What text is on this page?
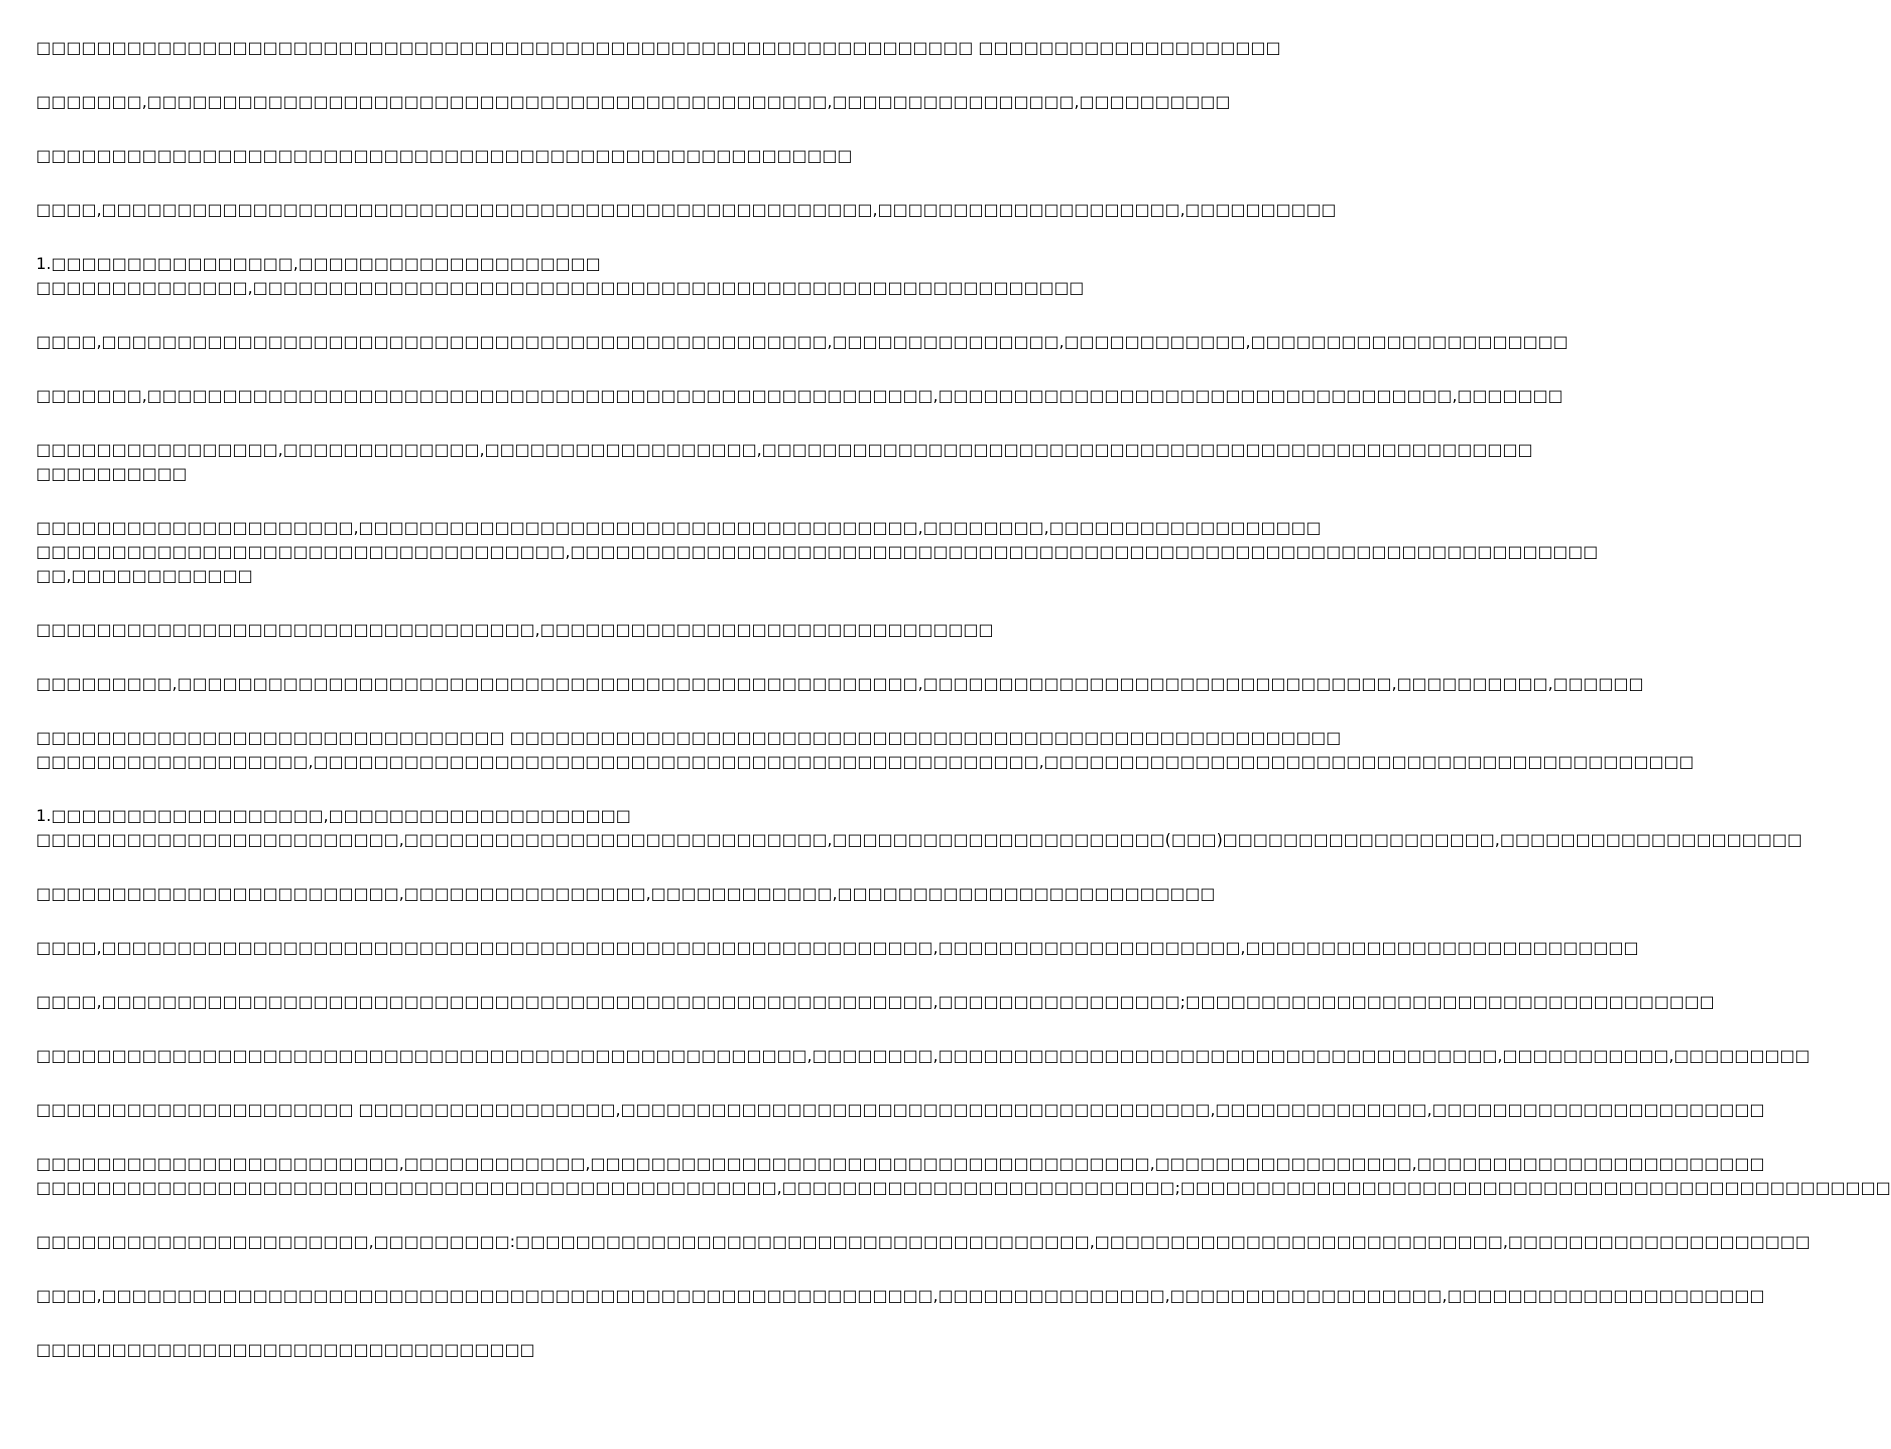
□□□□□□□□□□□□□□□□□□□□□□□□□□□□□□□□□□□□□□□□□□□□□□□□□□□□□□□□□□□□□□ □□□□□□□□□□□□□□□□□□□□
□□□□□□□,□□□□□□□□□□□□□□□□□□□□□□□□□□□□□□□□□□□□□□□□□□□□□,□□□□□□□□□□□□□□□□,□□□□□□□□□□
□□□□□□□□□□□□□□□□□□□□□□□□□□□□□□□□□□□□□□□□□□□□□□□□□□□□□□
□□□□,□□□□□□□□□□□□□□□□□□□□□□□□□□□□□□□□□□□□□□□□□□□□□□□□□□□,□□□□□□□□□□□□□□□□□□□□,□□□□□□□□□□
1.□□□□□□□□□□□□□□□□,□□□□□□□□□□□□□□□□□□□□
□□□□□□□□□□□□□□,□□□□□□□□□□□□□□□□□□□□□□□□□□□□□□□□□□□□□□□□□□□□□□□□□□□□□□□
□□□□,□□□□□□□□□□□□□□□□□□□□□□□□□□□□□□□□□□□□□□□□□□□□□□□□,□□□□□□□□□□□□□□□,□□□□□□□□□□□□,□□□□□□□□□□□□□□□□□□□□□
□□□□□□□,□□□□□□□□□□□□□□□□□□□□□□□□□□□□□□□□□□□□□□□□□□□□□□□□□□□□,□□□□□□□□□□□□□□□□□□□□□□□□□□□□□□□□□□,□□□□□□□
□□□□□□□□□□□□□□□□,□□□□□□□□□□□□□,□□□□□□□□□□□□□□□□□□,□□□□□□□□□□□□□□□□□□□□□□□□□□□□□□□□□□□□□□□□□□□□□□□□□□□
□□□□□□□□□□
□□□□□□□□□□□□□□□□□□□□□,□□□□□□□□□□□□□□□□□□□□□□□□□□□□□□□□□□□□□,□□□□□□□□,□□□□□□□□□□□□□□□□□□
□□□□□□□□□□□□□□□□□□□□□□□□□□□□□□□□□□□,□□□□□□□□□□□□□□□□□□□□□□□□□□□□□□□□□□□□□□□□□□□□□□□□□□□□□□□□□□□□□□□□□□□□
□□,□□□□□□□□□□□□
□□□□□□□□□□□□□□□□□□□□□□□□□□□□□□□□□,□□□□□□□□□□□□□□□□□□□□□□□□□□□□□□
□□□□□□□□□,□□□□□□□□□□□□□□□□□□□□□□□□□□□□□□□□□□□□□□□□□□□□□□□□□,□□□□□□□□□□□□□□□□□□□□□□□□□□□□□□□,□□□□□□□□□□,□□□□□□
□□□□□□□□□□□□□□□□□□□□□□□□□□□□□□□ □□□□□□□□□□□□□□□□□□□□□□□□□□□□□□□□□□□□□□□□□□□□□□□□□□□□□□□
□□□□□□□□□□□□□□□□□□,□□□□□□□□□□□□□□□□□□□□□□□□□□□□□□□□□□□□□□□□□□□□□□□□,□□□□□□□□□□□□□□□□□□□□□□□□□□□□□□□□□□□□□□□□□□□
1.□□□□□□□□□□□□□□□□□□,□□□□□□□□□□□□□□□□□□□□
□□□□□□□□□□□□□□□□□□□□□□□□,□□□□□□□□□□□□□□□□□□□□□□□□□□□□,□□□□□□□□□□□□□□□□□□□□□□(□□□)□□□□□□□□□□□□□□□□□□,□□□□□□□□□□□□□□□□□□□□
□□□□□□□□□□□□□□□□□□□□□□□□,□□□□□□□□□□□□□□□□,□□□□□□□□□□□□,□□□□□□□□□□□□□□□□□□□□□□□□□
□□□□,□□□□□□□□□□□□□□□□□□□□□□□□□□□□□□□□□□□□□□□□□□□□□□□□□□□□□□□,□□□□□□□□□□□□□□□□□□□□,□□□□□□□□□□□□□□□□□□□□□□□□□□
□□□□,□□□□□□□□□□□□□□□□□□□□□□□□□□□□□□□□□□□□□□□□□□□□□□□□□□□□□□□,□□□□□□□□□□□□□□□□;□□□□□□□□□□□□□□□□□□□□□□□□□□□□□□□□□□□
□□□□□□□□□□□□□□□□□□□□□□□□□□□□□□□□□□□□□□□□□□□□□□□□□□□,□□□□□□□□,□□□□□□□□□□□□□□□□□□□□□□□□□□□□□□□□□□□□□,□□□□□□□□□□□,□□□□□□□□□
□□□□□□□□□□□□□□□□□□□□□ □□□□□□□□□□□□□□□□□,□□□□□□□□□□□□□□□□□□□□□□□□□□□□□□□□□□□□□□□,□□□□□□□□□□□□□□,□□□□□□□□□□□□□□□□□□□□□□
□□□□□□□□□□□□□□□□□□□□□□□□,□□□□□□□□□□□□,□□□□□□□□□□□□□□□□□□□□□□□□□□□□□□□□□□□□□,□□□□□□□□□□□□□□□□□,□□□□□□□□□□□□□□□□□□□□□□□
□□□□□□□□□□□□□□□□□□□□□□□□□□□□□□□□□□□□□□□□□□□□□□□□□,□□□□□□□□□□□□□□□□□□□□□□□□□□;□□□□□□□□□□□□□□□□□□□□□□□□□□□□□□□□□□□□□□□□□□□□□□□
□□□□□□□□□□□□□□□□□□□□□□,□□□□□□□□□:□□□□□□□□□□□□□□□□□□□□□□□□□□□□□□□□□□□□□□,□□□□□□□□□□□□□□□□□□□□□□□□□□□,□□□□□□□□□□□□□□□□□□□□
□□□□,□□□□□□□□□□□□□□□□□□□□□□□□□□□□□□□□□□□□□□□□□□□□□□□□□□□□□□□,□□□□□□□□□□□□□□□,□□□□□□□□□□□□□□□□□□,□□□□□□□□□□□□□□□□□□□□□
□□□□□□□□□□□□□□□□□□□□□□□□□□□□□□□□□
